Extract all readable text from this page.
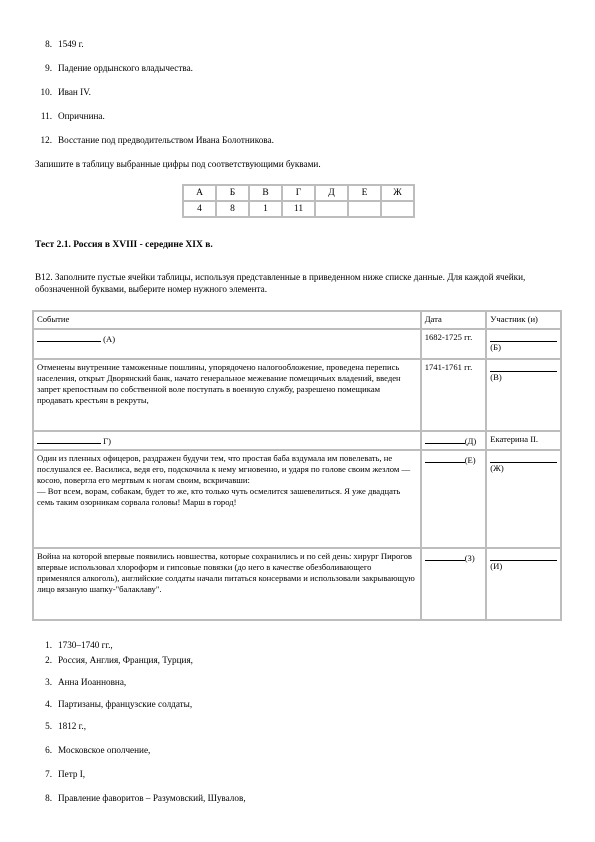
8. 1549 г.
9. Падение ордынского владычества.
10. Иван IV.
11. Опричнина.
12. Восстание под предводительством Ивана Болотникова.
Запишите в таблицу выбранные цифры под соответствующими буквами.
А	Б	В	Г	Д	Е	Ж
4	8	1	11			
Тест 2.1. Россия в XVIII - середине XIX в.
В12. Заполните пустые ячейки таблицы, используя представленные в приведенном ниже списке данные. Для каждой ячейки, обозначенной буквами, выберите номер нужного элемента.
Событие	Дата	Участник (и)
(А)	1682-1725 гг.	(Б)
Отменены внутренние таможенные пошлины, упорядочено налогообложение, проведена перепись населения, открыт Дворянский банк, начато генеральное межевание помещичьих владений, введен запрет крепостным по собственной воле поступать в военную службу, разрешено помещикам продавать крестьян в рекруты,	1741-1761 гг.	(В)
Г)	(Д)	Екатерина II.

Один из пленных офицеров, раздражен будучи тем, что простая баба вздумала им повелевать, не послушался ее. Василиса, ведя его, подскочила к нему мгновенно, и ударя по голове своим жезлом — косою, повергла его мертвым к ногам своим, вскричавши:
— Вот всем, ворам, собакам, будет то же, кто только чуть осмелится зашевелиться. Я уже двадцать семь таким озорникам сорвала головы! Марш в город!	(Е)	(Ж)
Война на которой впервые появились новшества, которые сохранились и по сей день: хирург Пирогов впервые использовал хлороформ и гипсовые повязки (до него в качестве обезболивающего применялся алкоголь), английские солдаты начали питаться консервами и использовали закрывающую лицо вязаную шапку-"балаклаву".	(З)	(И)
1. 1730–1740 гг.,
2. Россия, Англия, Франция, Турция,
3. Анна Иоанновна,
4. Партизаны, французские солдаты,
5. 1812 г.,
6. Московское ополчение,
7. Петр I,
8. Правление фаворитов – Разумовский, Шувалов,
